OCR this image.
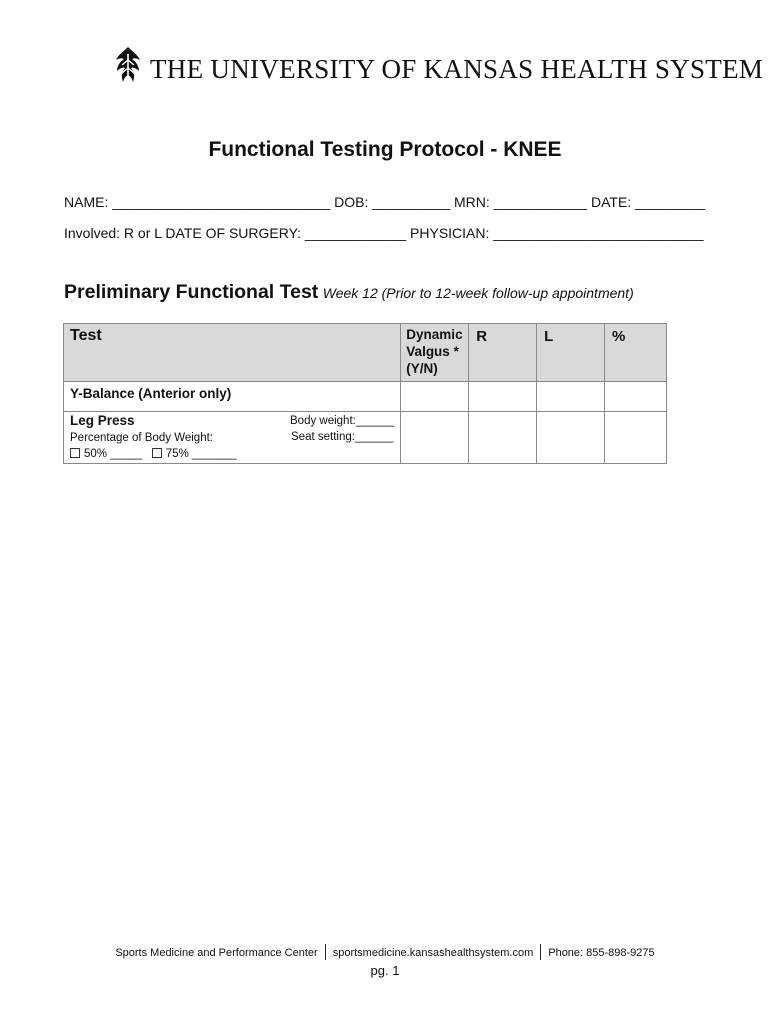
THE UNIVERSITY OF KANSAS HEALTH SYSTEM
Functional Testing Protocol - KNEE
NAME: ____________________________ DOB: __________ MRN: ____________ DATE: _________
Involved: R or L DATE OF SURGERY: _____________ PHYSICIAN: ___________________________
Preliminary Functional Test Week 12 (Prior to 12-week follow-up appointment)
Test	Dynamic
Valgus *
(Y/N)	R	L	%
Y-Balance (Anterior only)				

Leg Press
Percentage of Body Weight:
50% _____ 75% _______
Body weight:______
Seat setting:______				

Sports Medicine and Performance Center sportsmedicine.kansashealthsystem.com Phone: 855-898-9275
pg. 1
